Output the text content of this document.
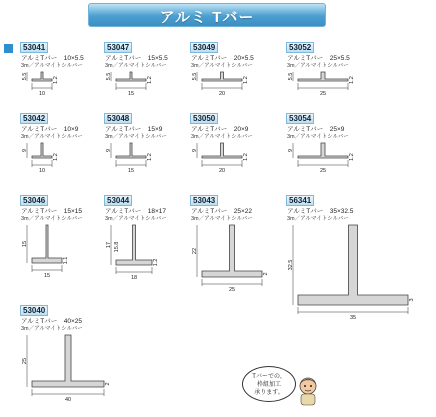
アルミ Tバー
53041
アルミTバー　10×5.5
3m／アルマイトシルバー
10
5.5	1.2
53047
アルミTバー　15×5.5
3m／アルマイトシルバー
15
5.5	1.2
53049
アルミTバー　20×5.5
3m／アルマイトシルバー
20
5.5	1.2
53052
アルミTバー　25×5.5
3m／アルマイトシルバー
25
5.5	1.2
53042
アルミTバー　10×9
3m／アルマイトシルバー
10
9
1.2
53048
アルミTバー　15×9
3m／アルマイトシルバー
15
9
1.2
53050
アルミTバー　20×9
3m／アルマイトシルバー
20
9
1.2
53054
アルミTバー　25×9
3m／アルマイトシルバー
25
9
1.2
53046
アルミTバー　15×15
3m／アルマイトシルバー
15
15
1.1
53044
アルミTバー　18×17
3m／アルマイトシルバー
18
17 15.8
1.2
53043
アルミTバー　25×22
3m／アルマイトシルバー
25
22
2
56341
アルミTバー　35×32.5
3m／アルマイトシルバー
35
32.5
3
53040
アルミTバー　40×25
3m／アルマイトシルバー
40
25
2
Tバーでの、
枠組加工
承ります。
